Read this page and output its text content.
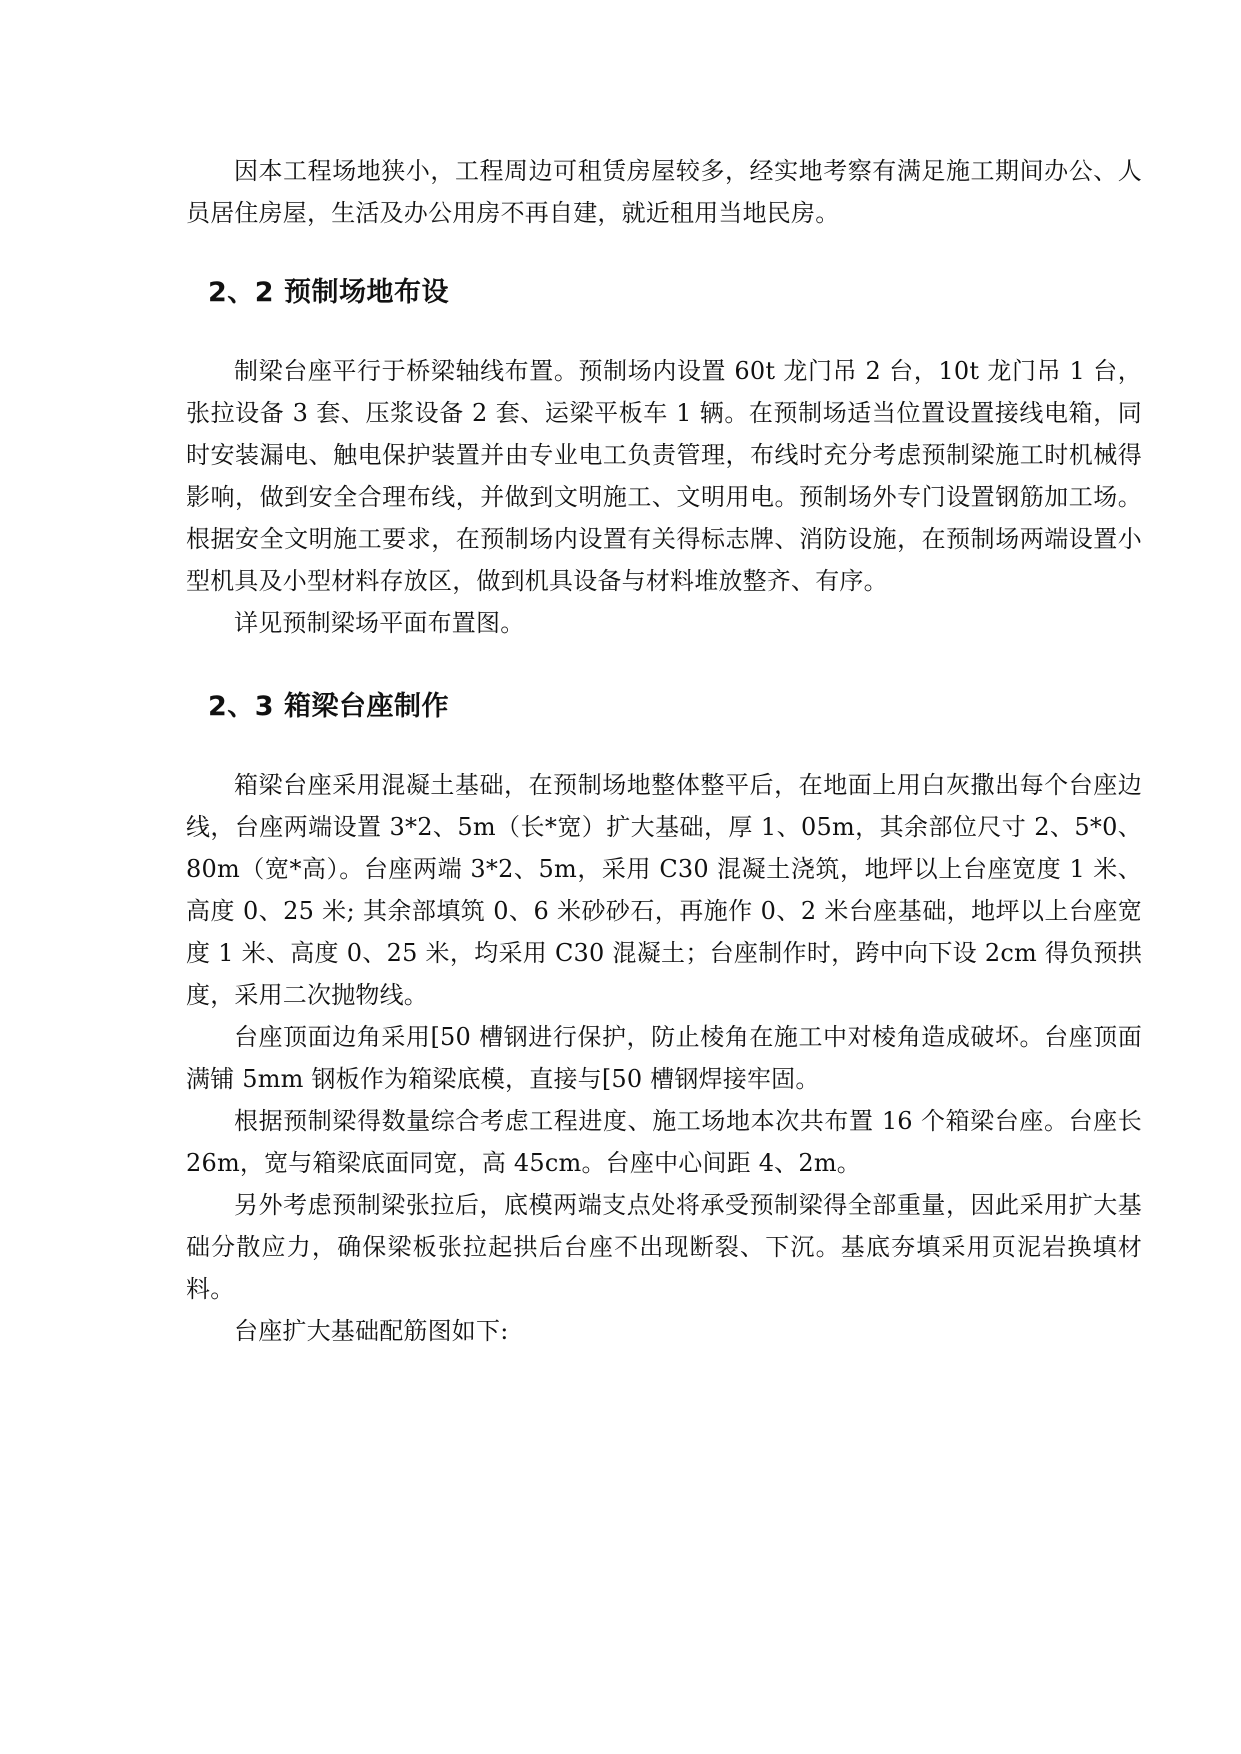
因本工程场地狭小，工程周边可租赁房屋较多，经实地考察有满足施工期间办公、人员居住房屋，生活及办公用房不再自建，就近租用当地民房。

2、2 预制场地布设

制梁台座平行于桥梁轴线布置。预制场内设置 60t 龙门吊 2 台，10t 龙门吊 1 台，张拉设备 3 套、压浆设备 2 套、运梁平板车 1 辆。在预制场适当位置设置接线电箱，同时安装漏电、触电保护装置并由专业电工负责管理，布线时充分考虑预制梁施工时机械得影响，做到安全合理布线，并做到文明施工、文明用电。预制场外专门设置钢筋加工场。根据安全文明施工要求，在预制场内设置有关得标志牌、消防设施，在预制场两端设置小型机具及小型材料存放区，做到机具设备与材料堆放整齐、有序。

详见预制梁场平面布置图。

2、3 箱梁台座制作

箱梁台座采用混凝土基础，在预制场地整体整平后，在地面上用白灰撒出每个台座边线，台座两端设置 3*2、5m（长*宽）扩大基础，厚 1、05m，其余部位尺寸 2、5*0、80m（宽*高）。台座两端 3*2、5m，采用 C30 混凝土浇筑，地坪以上台座宽度 1 米、高度 0、25 米; 其余部填筑 0、6 米砂砂石，再施作 0、2 米台座基础，地坪以上台座宽度 1 米、高度 0、25 米，均采用 C30 混凝土；台座制作时，跨中向下设 2cm 得负预拱度，采用二次抛物线。

台座顶面边角采用[50 槽钢进行保护，防止棱角在施工中对棱角造成破坏。台座顶面满铺 5mm 钢板作为箱梁底模，直接与[50 槽钢焊接牢固。

根据预制梁得数量综合考虑工程进度、施工场地本次共布置 16 个箱梁台座。台座长 26m，宽与箱梁底面同宽，高 45cm。台座中心间距 4、2m。

另外考虑预制梁张拉后，底模两端支点处将承受预制梁得全部重量，因此采用扩大基础分散应力，确保梁板张拉起拱后台座不出现断裂、下沉。基底夯填采用页泥岩换填材料。

台座扩大基础配筋图如下:
